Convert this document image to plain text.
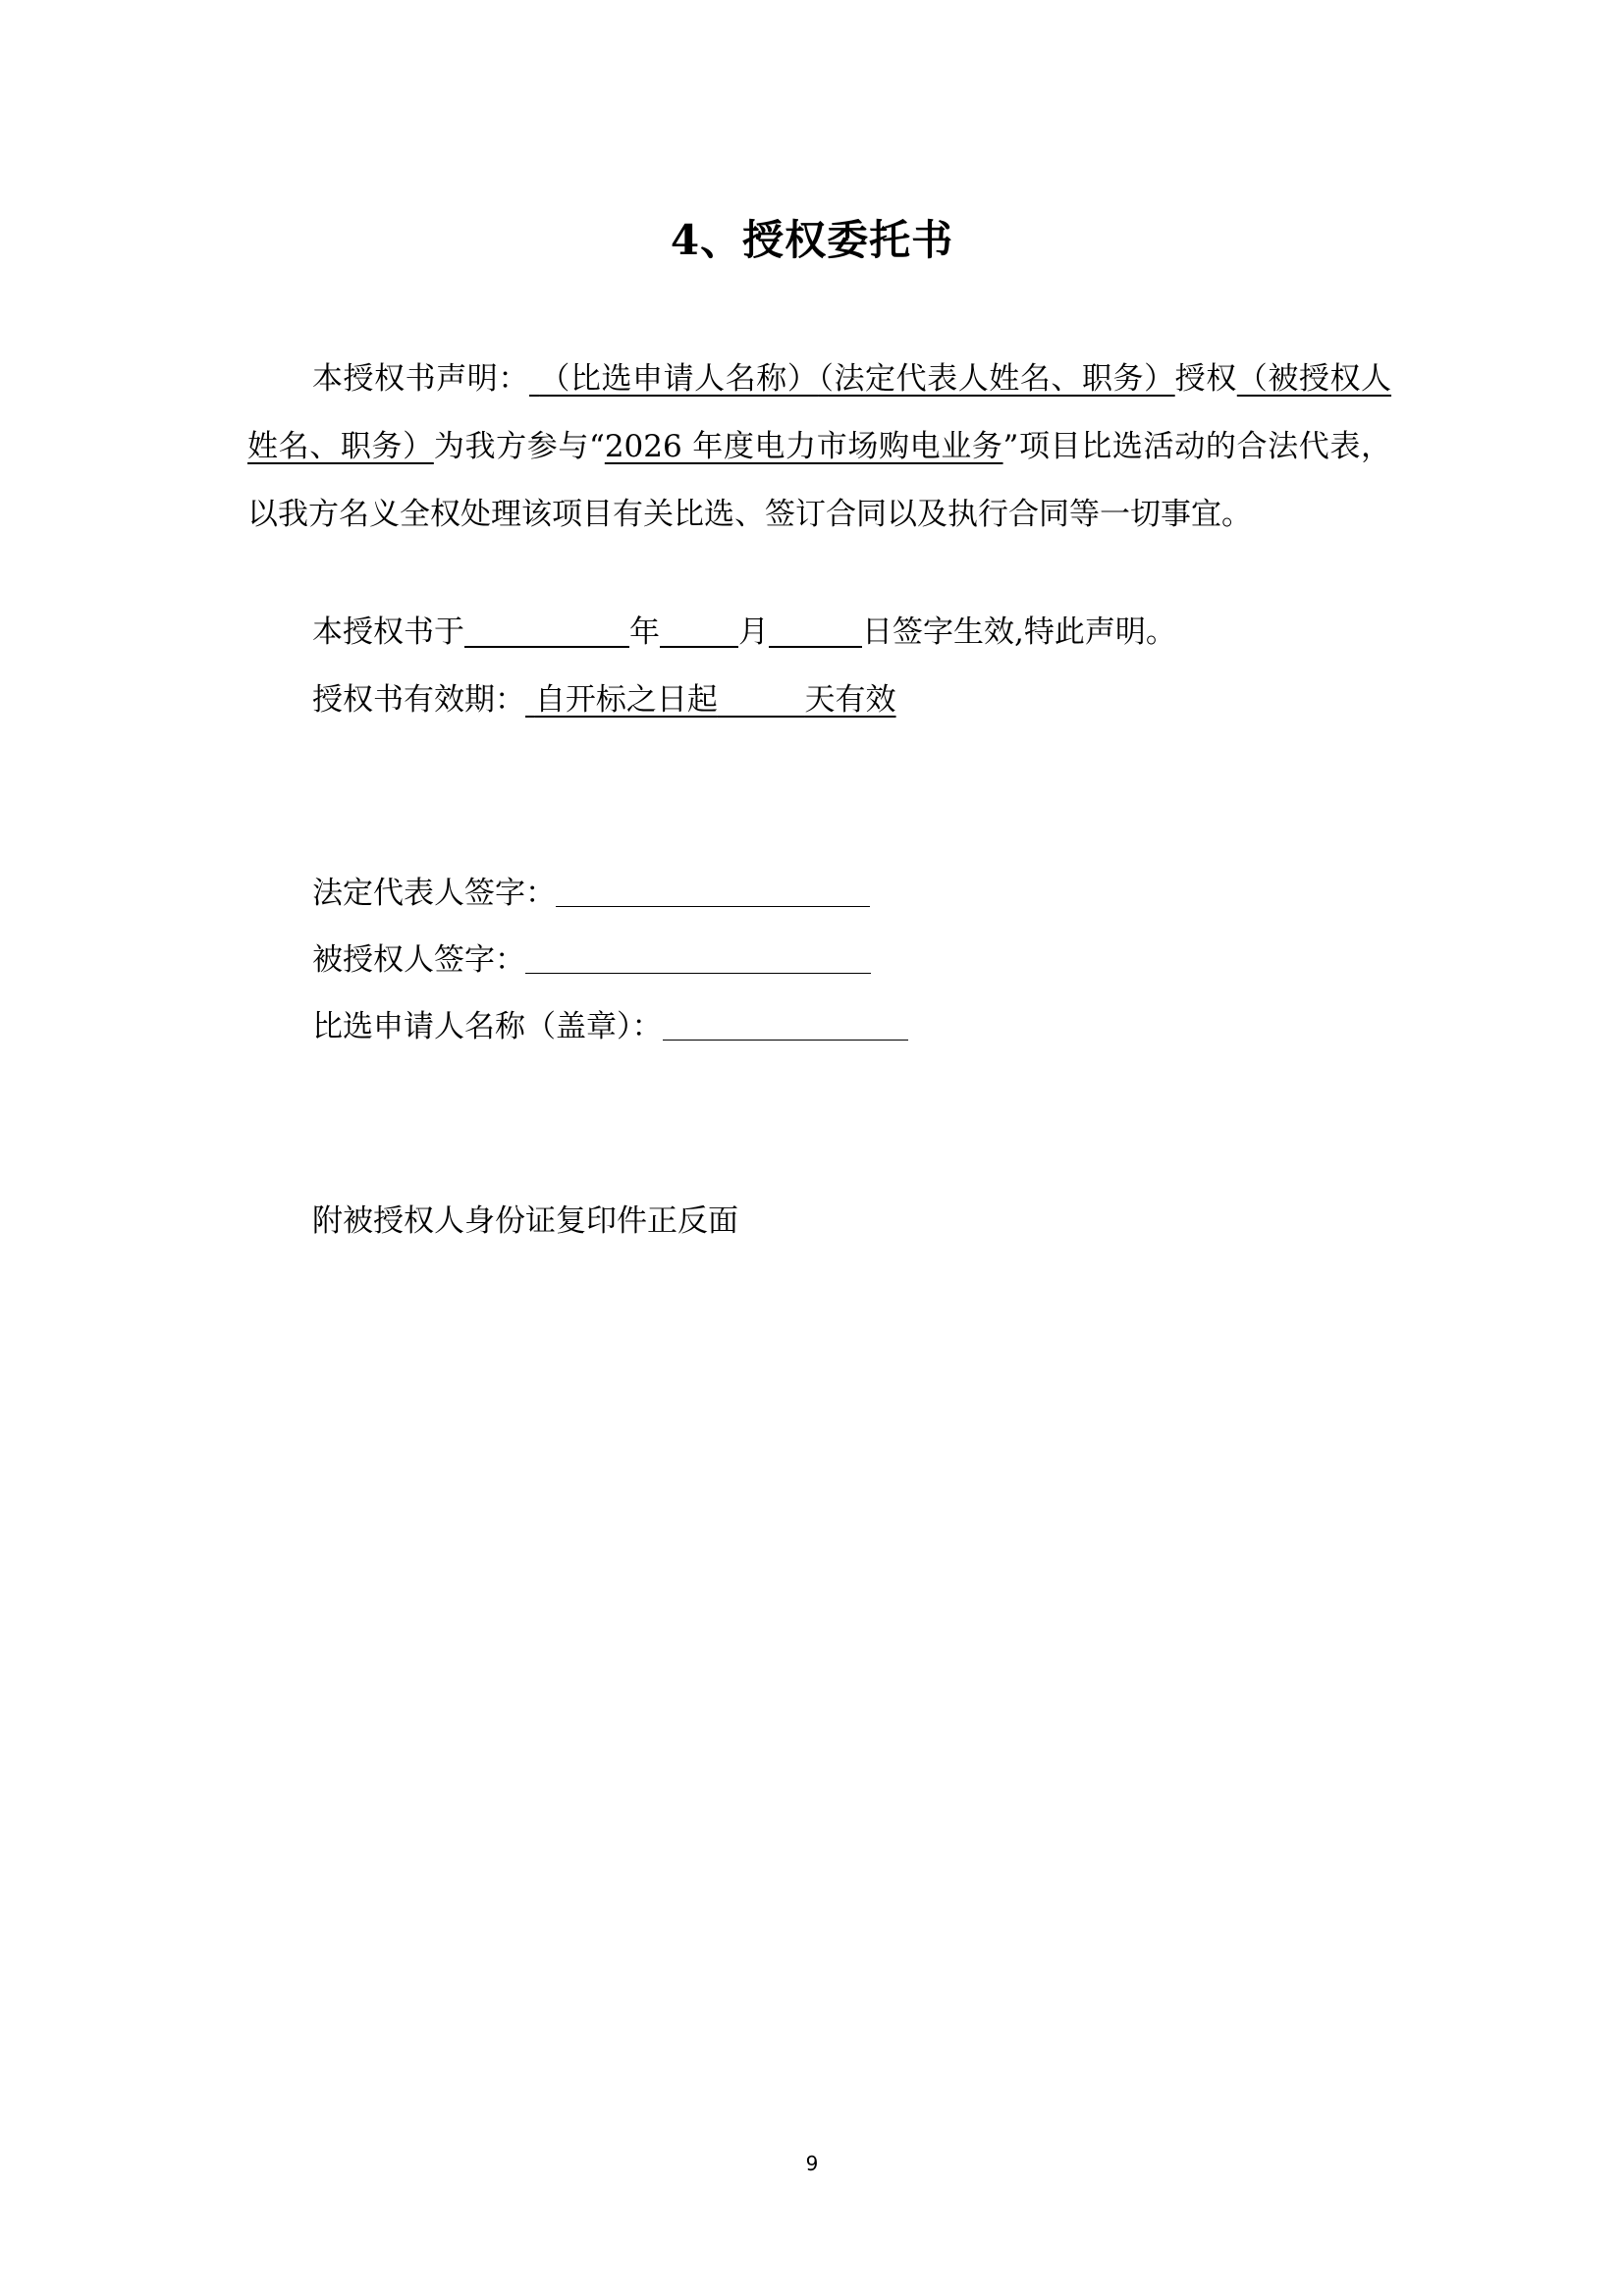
4、授权委托书
本授权书声明： （比选申请人名称）（法定代表人姓名、职务）授权（被授权人姓名、职务）为我方参与“2026 年度电力市场购电业务”项目比选活动的合法代表，以我方名义全权处理该项目有关比选、签订合同以及执行合同等一切事宜。
本授权书于	年	月	日签字生效,特此声明。
授权书有效期： 自开标之日起	天有效
法定代表人签字：
被授权人签字：
比选申请人名称（盖章）：
附被授权人身份证复印件正反面
9
